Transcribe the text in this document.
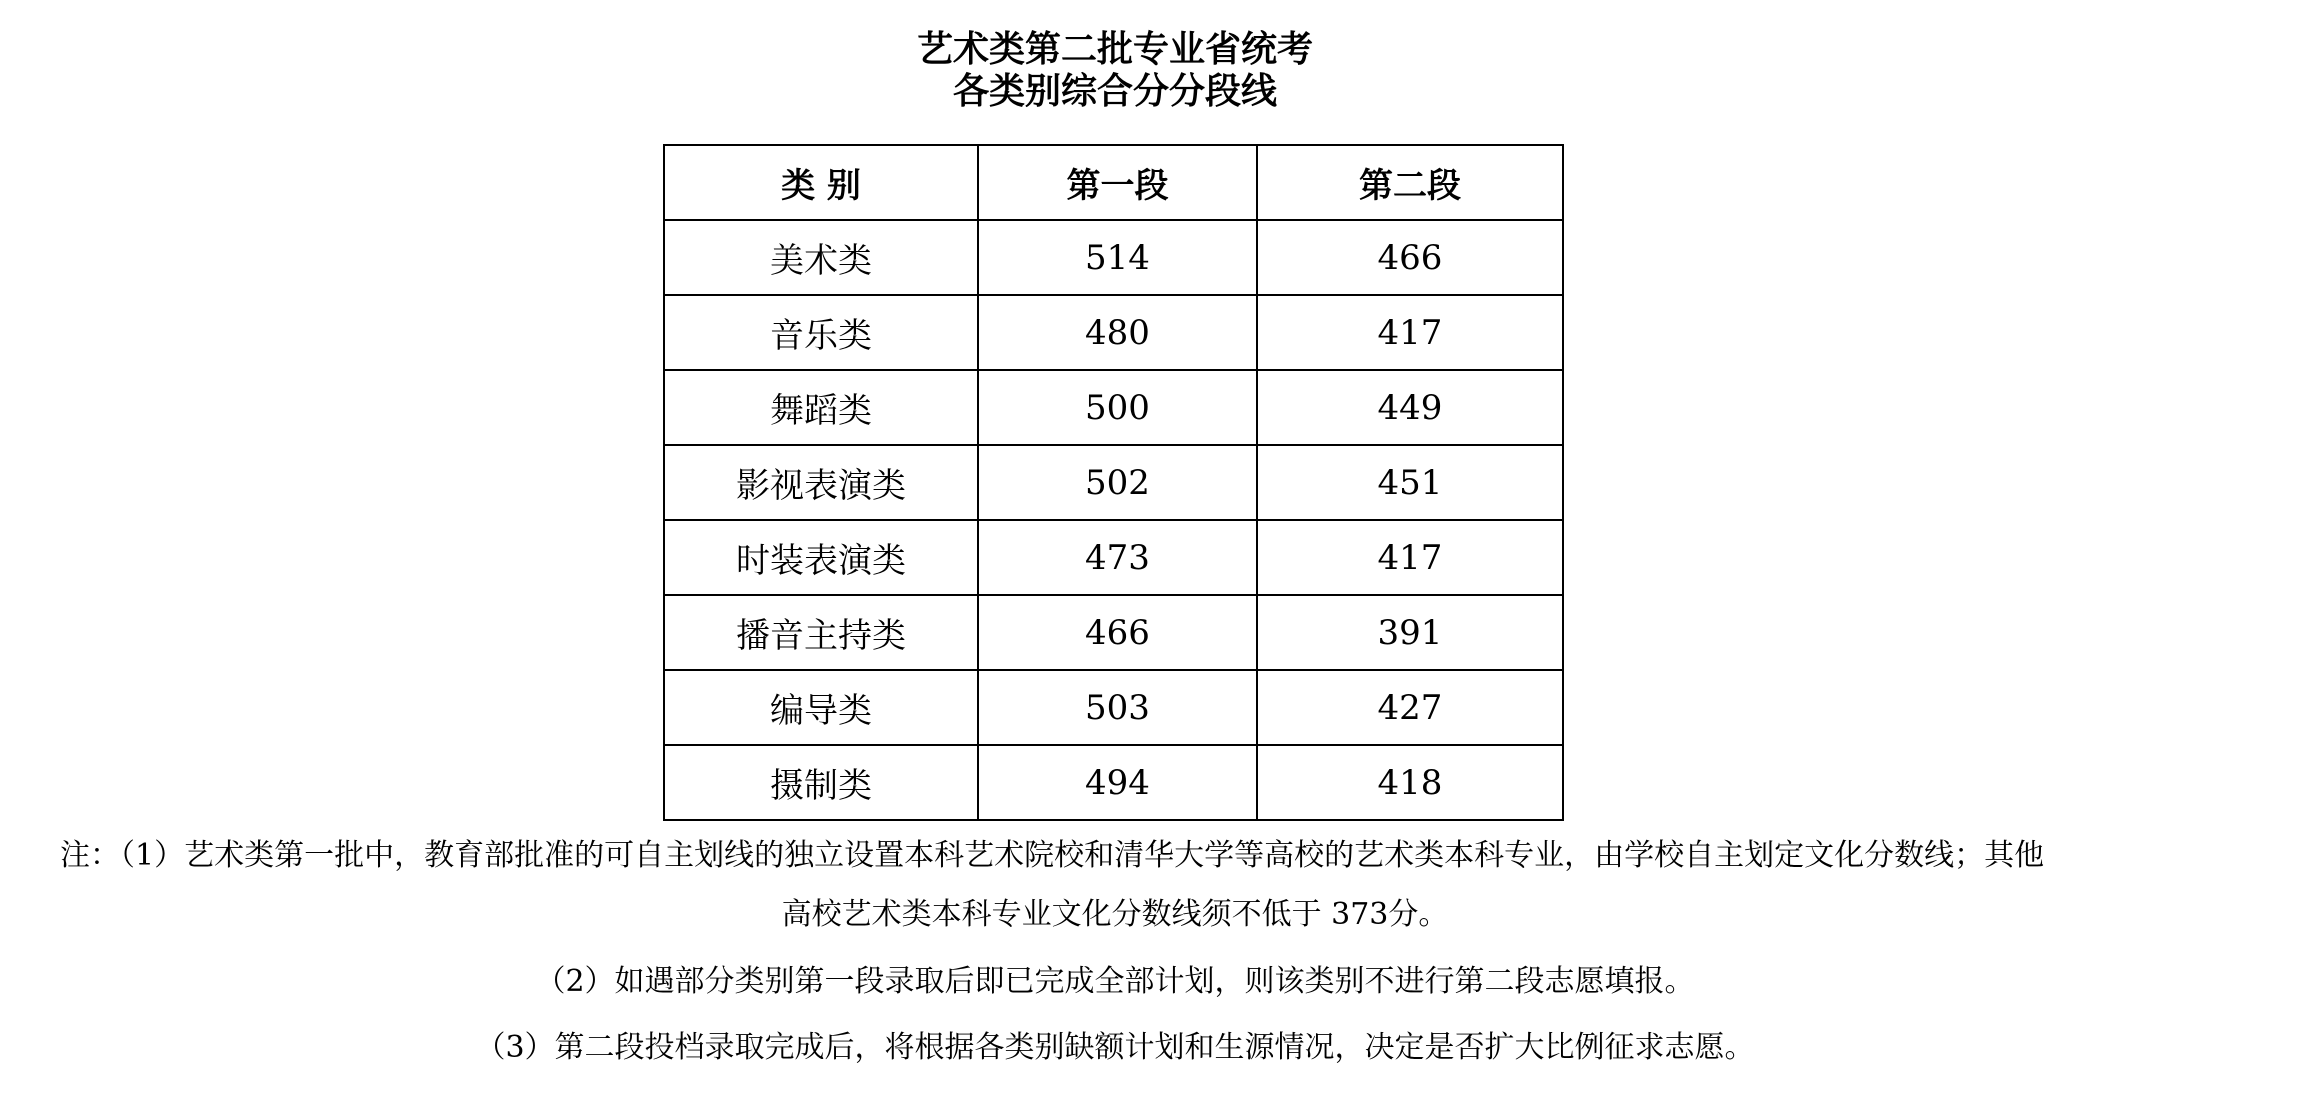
艺术类第二批专业省统考
各类别综合分分段线
类 别	第一段	第二段
美术类	514	466
音乐类	480	417
舞蹈类	500	449
影视表演类	502	451
时装表演类	473	417
播音主持类	466	391
编导类	503	427
摄制类	494	418
注：（1）艺术类第一批中，教育部批准的可自主划线的独立设置本科艺术院校和清华大学等高校的艺术类本科专业，由学校自主划定文化分数线；其他
高校艺术类本科专业文化分数线须不低于 373分。
（2）如遇部分类别第一段录取后即已完成全部计划，则该类别不进行第二段志愿填报。
（3）第二段投档录取完成后，将根据各类别缺额计划和生源情况，决定是否扩大比例征求志愿。
